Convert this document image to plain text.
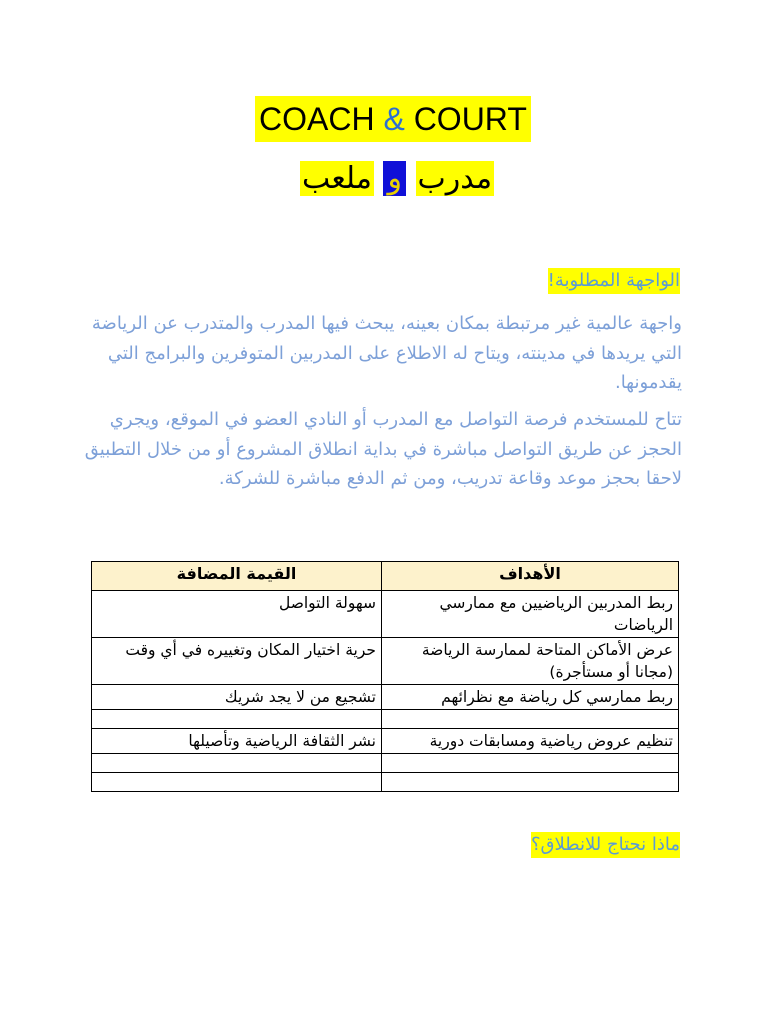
COACH & COURT
مدرب و ملعب
الواجهة المطلوبة!

واجهة عالمية غير مرتبطة بمكان بعينه، يبحث فيها المدرب والمتدرب عن الرياضة التي يريدها في مدينته، ويتاح له الاطلاع على المدربين المتوفرين والبرامج التي يقدمونها.

تتاح للمستخدم فرصة التواصل مع المدرب أو النادي العضو في الموقع، ويجري الحجز عن طريق التواصل مباشرة في بداية انطلاق المشروع أو من خلال التطبيق لاحقا بحجز موعد وقاعة تدريب، ومن ثم الدفع مباشرة للشركة.

الأهداف	القيمة المضافة
ربط المدربين الرياضيين مع ممارسي الرياضات	سهولة التواصل
عرض الأماكن المتاحة لممارسة الرياضة (مجانا أو مستأجرة)	حرية اختيار المكان وتغييره في أي وقت
ربط ممارسي كل رياضة مع نظرائهم	تشجيع من لا يجد شريك

تنظيم عروض رياضية ومسابقات دورية	نشر الثقافة الرياضية وتأصيلها

ماذا نحتاج للانطلاق؟
